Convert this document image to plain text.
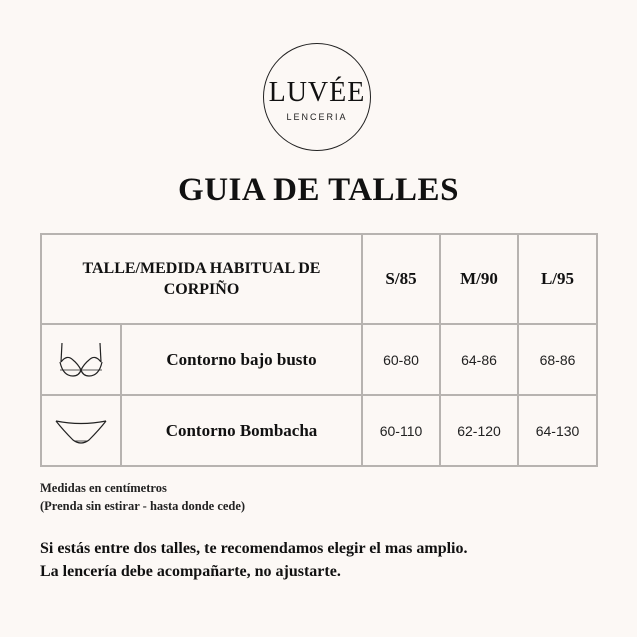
LUVÉE
LENCERIA
GUIA DE TALLES
TALLE/MEDIDA HABITUAL DE CORPIÑO		S/85	M/90	L/95

	Contorno bajo busto	60-80	64-86	68-86

	Contorno Bombacha	60-110	62-120	64-130
Medidas en centímetros
(Prenda sin estirar - hasta donde cede)
Si estás entre dos talles, te recomendamos elegir el mas amplio.
La lencería debe acompañarte, no ajustarte.
